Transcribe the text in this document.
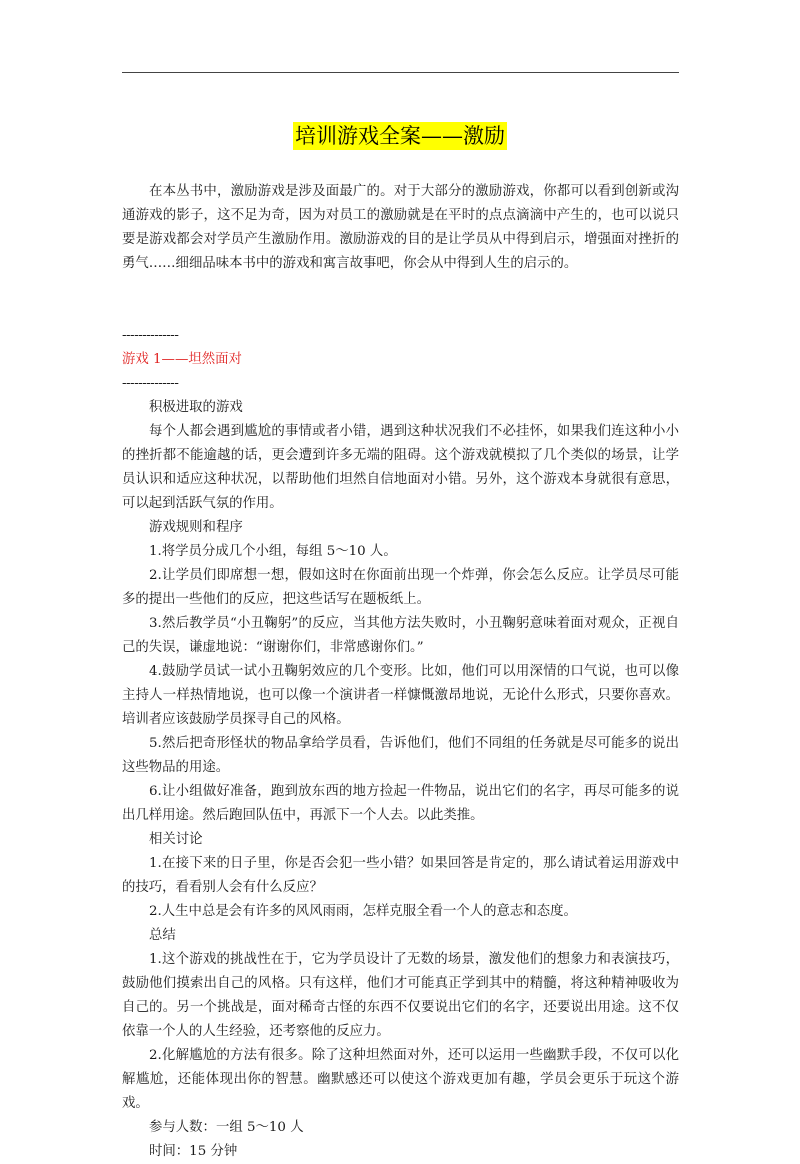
培训游戏全案——激励

在本丛书中，激励游戏是涉及面最广的。对于大部分的激励游戏，你都可以看到创新或沟通游戏的影子，这不足为奇，因为对员工的激励就是在平时的点点滴滴中产生的，也可以说只要是游戏都会对学员产生激励作用。激励游戏的目的是让学员从中得到启示，增强面对挫折的勇气……细细品味本书中的游戏和寓言故事吧，你会从中得到人生的启示的。

--------------

游戏 1——坦然面对

--------------

积极进取的游戏

每个人都会遇到尴尬的事情或者小错，遇到这种状况我们不必挂怀，如果我们连这种小小的挫折都不能逾越的话，更会遭到许多无端的阻碍。这个游戏就模拟了几个类似的场景，让学员认识和适应这种状况，以帮助他们坦然自信地面对小错。另外，这个游戏本身就很有意思，可以起到活跃气氛的作用。

游戏规则和程序

1.将学员分成几个小组，每组 5～10 人。

2.让学员们即席想一想，假如这时在你面前出现一个炸弹，你会怎么反应。让学员尽可能多的提出一些他们的反应，把这些话写在题板纸上。

3.然后教学员“小丑鞠躬”的反应，当其他方法失败时，小丑鞠躬意味着面对观众，正视自己的失误，谦虚地说：“谢谢你们，非常感谢你们。”

4.鼓励学员试一试小丑鞠躬效应的几个变形。比如，他们可以用深情的口气说，也可以像主持人一样热情地说，也可以像一个演讲者一样慷慨激昂地说，无论什么形式，只要你喜欢。培训者应该鼓励学员探寻自己的风格。

5.然后把奇形怪状的物品拿给学员看，告诉他们，他们不同组的任务就是尽可能多的说出这些物品的用途。

6.让小组做好准备，跑到放东西的地方捡起一件物品，说出它们的名字，再尽可能多的说出几样用途。然后跑回队伍中，再派下一个人去。以此类推。

相关讨论

1.在接下来的日子里，你是否会犯一些小错？如果回答是肯定的，那么请试着运用游戏中的技巧，看看别人会有什么反应？

2.人生中总是会有许多的风风雨雨，怎样克服全看一个人的意志和态度。

总结

1.这个游戏的挑战性在于，它为学员设计了无数的场景，激发他们的想象力和表演技巧，鼓励他们摸索出自己的风格。只有这样，他们才可能真正学到其中的精髓，将这种精神吸收为自己的。另一个挑战是，面对稀奇古怪的东西不仅要说出它们的名字，还要说出用途。这不仅依靠一个人的人生经验，还考察他的反应力。

2.化解尴尬的方法有很多。除了这种坦然面对外，还可以运用一些幽默手段，不仅可以化解尴尬，还能体现出你的智慧。幽默感还可以使这个游戏更加有趣，学员会更乐于玩这个游戏。

参与人数：一组 5～10 人

时间：15 分钟
